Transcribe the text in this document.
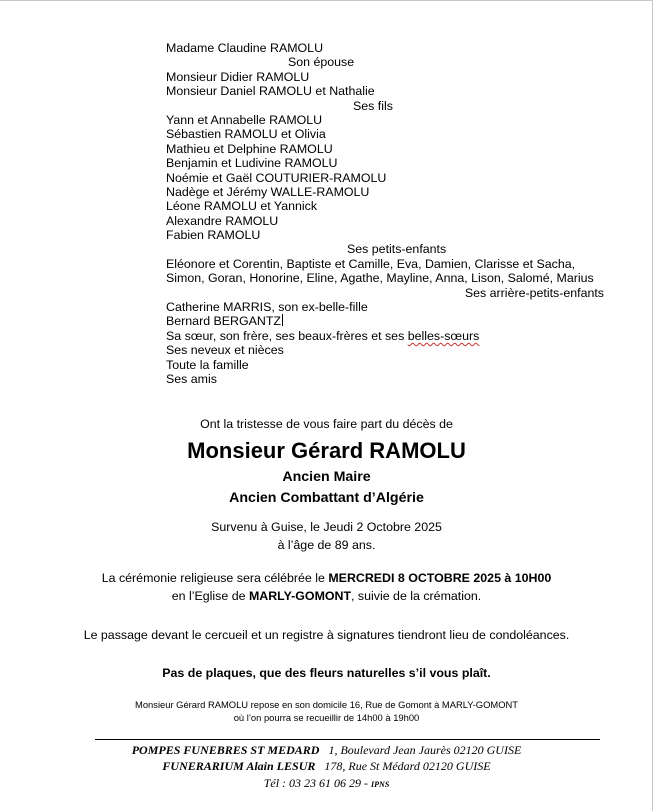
Madame Claudine RAMOLU
Son épouse
Monsieur Didier RAMOLU
Monsieur Daniel RAMOLU et Nathalie
Ses fils
Yann et Annabelle RAMOLU
Sébastien RAMOLU et Olivia
Mathieu et Delphine RAMOLU
Benjamin et Ludivine RAMOLU
Noémie et Gaël COUTURIER-RAMOLU
Nadège et Jérémy WALLE-RAMOLU
Léone RAMOLU et Yannick
Alexandre RAMOLU
Fabien RAMOLU
Ses petits-enfants
Eléonore et Corentin, Baptiste et Camille, Eva, Damien, Clarisse et Sacha,
Simon, Goran, Honorine, Eline, Agathe, Mayline, Anna, Lison, Salomé, Marius
Ses arrière-petits-enfants
Catherine MARRIS, son ex-belle-fille
Bernard BERGANTZ
Sa sœur, son frère, ses beaux-frères et ses belles-sœurs
Ses neveux et nièces
Toute la famille
Ses amis
Ont la tristesse de vous faire part du décès de
Monsieur Gérard RAMOLU
Ancien Maire
Ancien Combattant d’Algérie
Survenu à Guise, le Jeudi 2 Octobre 2025
à l’âge de 89 ans.
La cérémonie religieuse sera célébrée le MERCREDI 8 OCTOBRE 2025 à 10H00
en l’Eglise de MARLY-GOMONT, suivie de la crémation.
Le passage devant le cercueil et un registre à signatures tiendront lieu de condoléances.
Pas de plaques, que des fleurs naturelles s’il vous plaît.
Monsieur Gérard RAMOLU repose en son domicile 16, Rue de Gomont à MARLY-GOMONT
où l’on pourra se recueillir de 14h00 à 19h00
POMPES FUNEBRES ST MEDARD 1, Boulevard Jean Jaurès 02120 GUISE
FUNERARIUM Alain LESUR 178, Rue St Médard 02120 GUISE
Tél : 03 23 61 06 29 - IPNS
